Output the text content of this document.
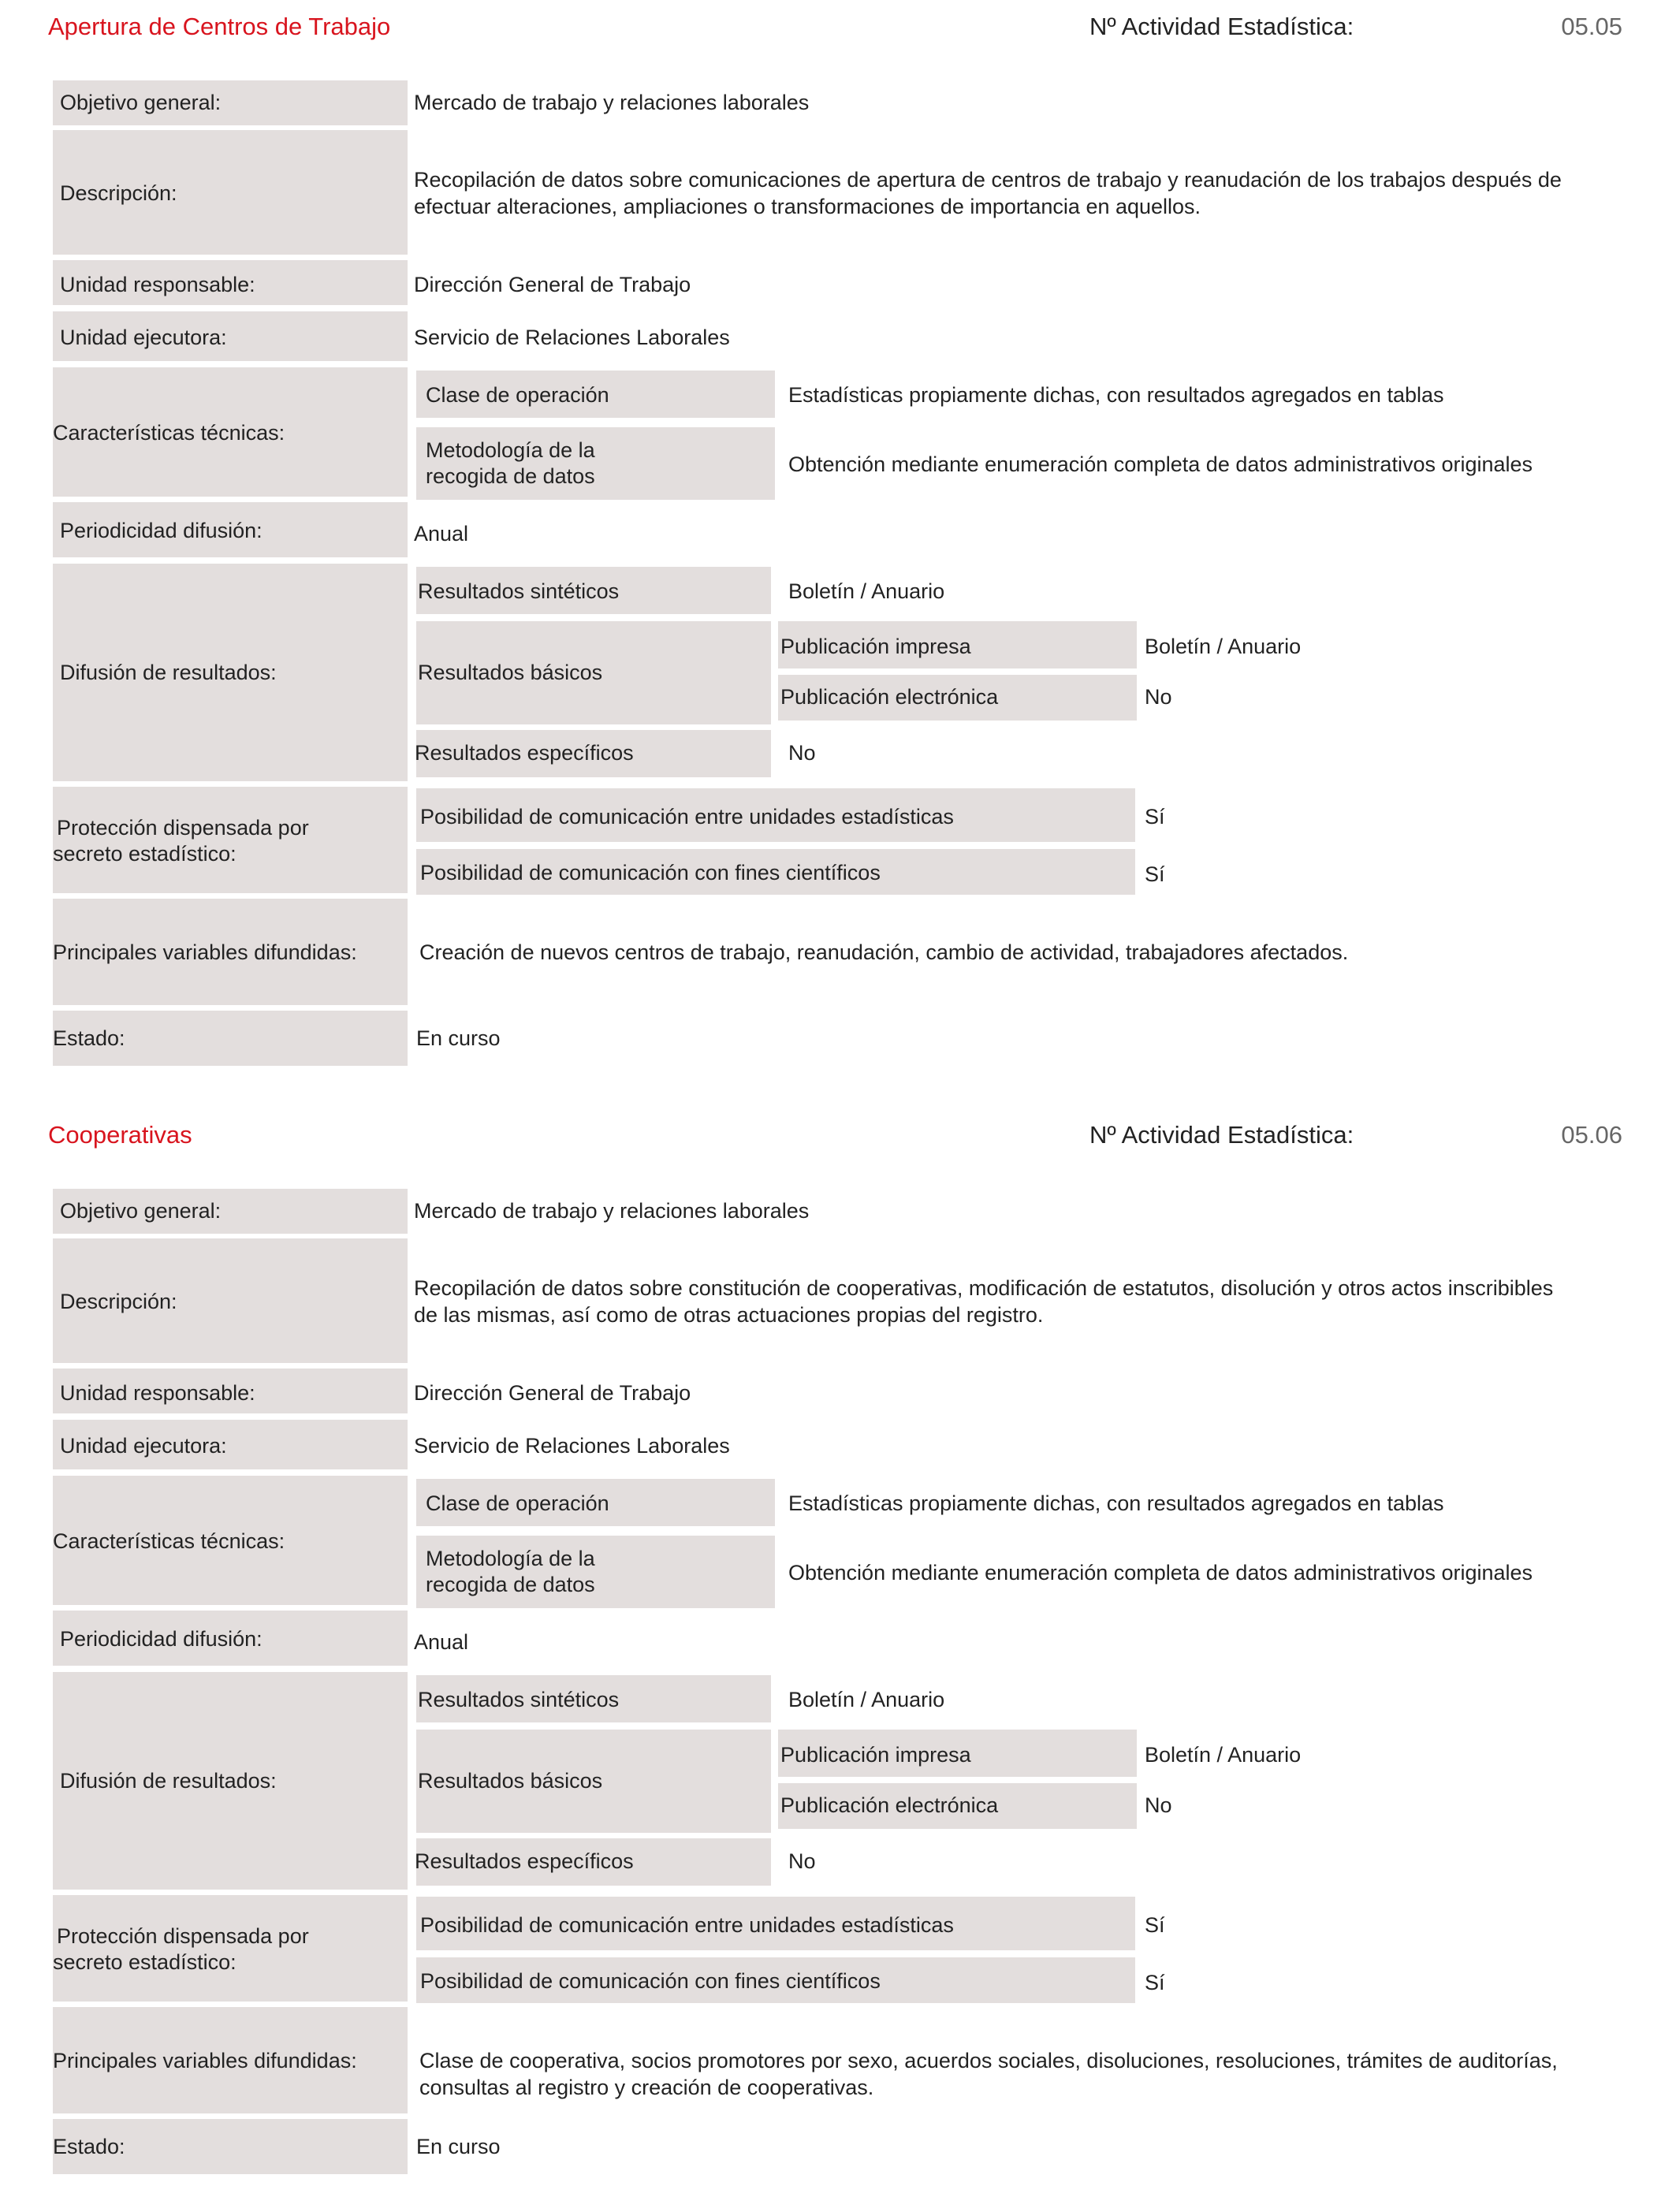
Apertura de Centros de Trabajo	Nº Actividad Estadística:	05.05
Objetivo general:	Mercado de trabajo y relaciones laborales
Descripción:
Recopilación de datos sobre comunicaciones de apertura de centros de trabajo y reanudación de los trabajos después de
efectuar alteraciones, ampliaciones o transformaciones de importancia en aquellos.
Unidad responsable:	Dirección General de Trabajo
Unidad ejecutora:	Servicio de Relaciones Laborales
Características técnicas:
Clase de operación	Estadísticas propiamente dichas, con resultados agregados en tablas
Metodología de la
recogida de datos	Obtención mediante enumeración completa de datos administrativos originales
Periodicidad difusión:	Anual
Difusión de resultados:
Resultados sintéticos	Boletín / Anuario
Resultados básicos
Publicación impresa	Boletín / Anuario
Publicación electrónica	No
Resultados específicos	No
Protección dispensada por
secreto estadístico:
Posibilidad de comunicación entre unidades estadísticas	Sí
Posibilidad de comunicación con fines científicos	Sí
Principales variables difundidas:	Creación de nuevos centros de trabajo, reanudación, cambio de actividad, trabajadores afectados.
Estado:	En curso
Cooperativas	Nº Actividad Estadística:	05.06
Objetivo general:	Mercado de trabajo y relaciones laborales
Descripción:
Recopilación de datos sobre constitución de cooperativas, modificación de estatutos, disolución y otros actos inscribibles
de las mismas, así como de otras actuaciones propias del registro.
Unidad responsable:	Dirección General de Trabajo
Unidad ejecutora:	Servicio de Relaciones Laborales
Características técnicas:
Clase de operación	Estadísticas propiamente dichas, con resultados agregados en tablas
Metodología de la
recogida de datos	Obtención mediante enumeración completa de datos administrativos originales
Periodicidad difusión:	Anual
Difusión de resultados:
Resultados sintéticos	Boletín / Anuario
Resultados básicos
Publicación impresa	Boletín / Anuario
Publicación electrónica	No
Resultados específicos	No
Protección dispensada por
secreto estadístico:
Posibilidad de comunicación entre unidades estadísticas	Sí
Posibilidad de comunicación con fines científicos	Sí
Principales variables difundidas:	Clase de cooperativa, socios promotores por sexo, acuerdos sociales, disoluciones, resoluciones, trámites de auditorías,
consultas al registro y creación de cooperativas.
Estado:	En curso
